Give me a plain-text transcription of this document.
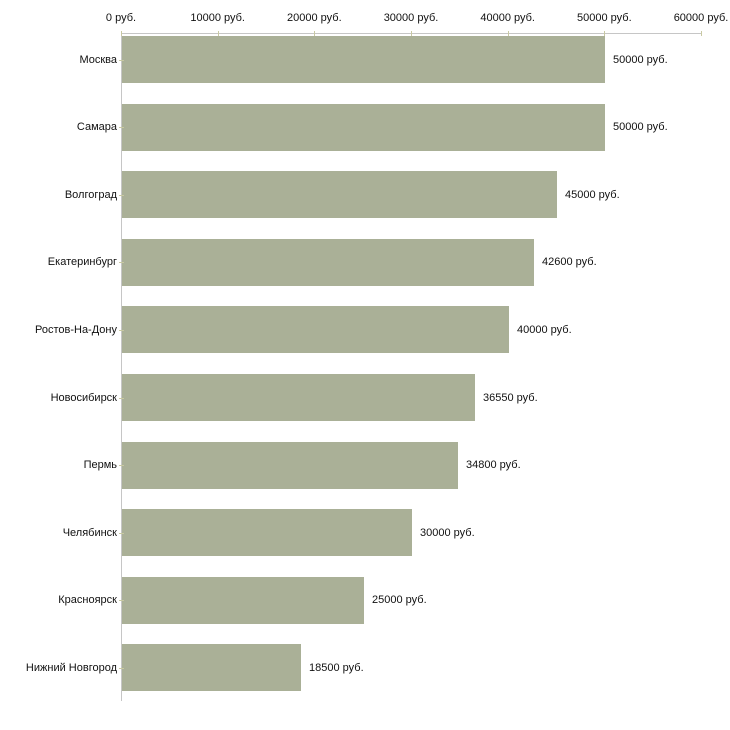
0 руб.	10000 руб.	20000 руб.	30000 руб.	40000 руб.	50000 руб.	60000 руб.
Москва	50000 руб.
Самара	50000 руб.
Волгоград	45000 руб.
Екатеринбург	42600 руб.
Ростов-На-Дону	40000 руб.
Новосибирск	36550 руб.
Пермь	34800 руб.
Челябинск	30000 руб.
Красноярск	25000 руб.
Нижний Новгород	18500 руб.
